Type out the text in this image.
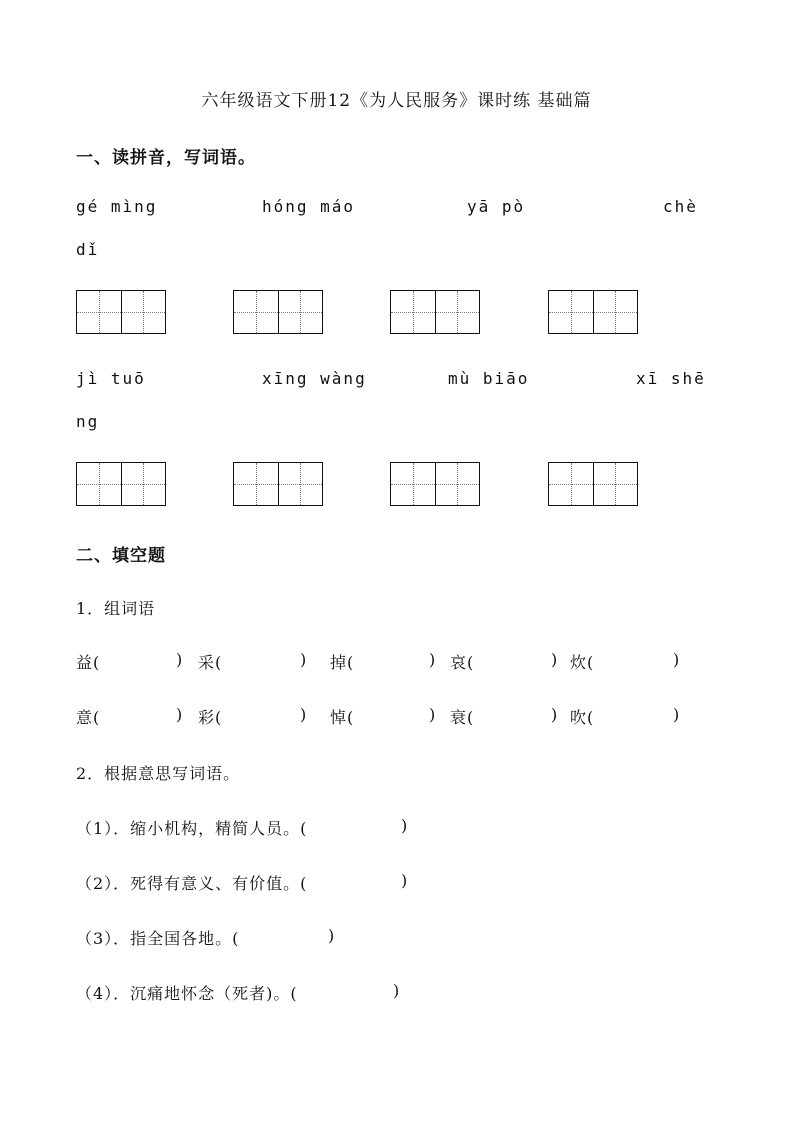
六年级语文下册12《为人民服务》课时练 基础篇
一、读拼音，写词语。
gé mìng	hóng máo	yā pò	chè
dǐ
jì tuō	xīng wàng	mù biāo	xī shē
ng
二、填空题
1．组词语
益(	) 采(	) 掉(	) 哀(	) 炊(	)
意(	) 彩(	) 悼(	) 衰(	) 吹(	)
2．根据意思写词语。
（1）．缩小机构，精简人员。(	)
（2）．死得有意义、有价值。(	)
（3）．指全国各地。(	)
（4）．沉痛地怀念（死者)。(	)
